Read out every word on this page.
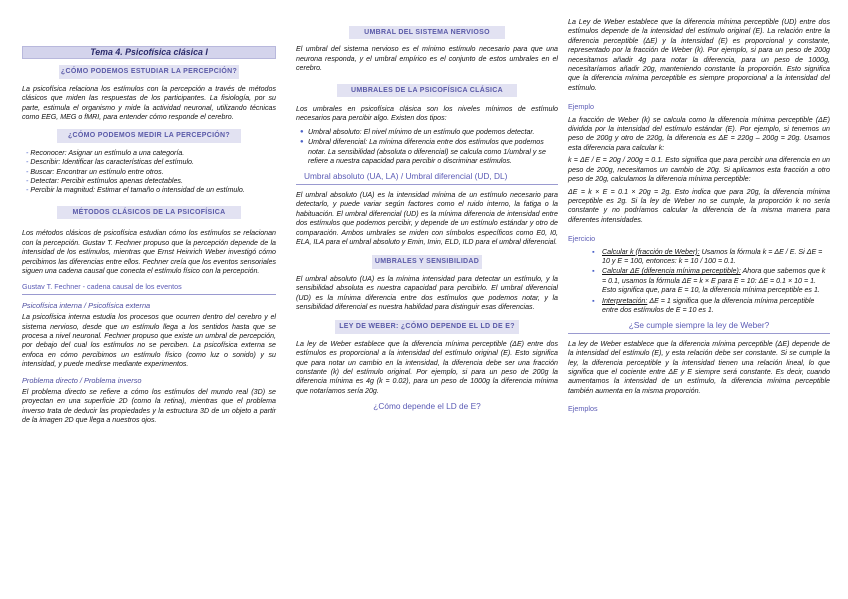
Tema 4. Psicofísica clásica I
¿CÓMO PODEMOS ESTUDIAR LA PERCEPCIÓN?

La psicofísica relaciona los estímulos con la percepción a través de métodos clásicos que miden las respuestas de los participantes. La fisiología, por su parte, estimula el organismo y mide la actividad neuronal, utilizando técnicas como EEG, MEG o fMRI, para entender cómo responde el cerebro.

¿CÓMO PODEMOS MEDIR LA PERCEPCIÓN?
- Reconocer: Asignar un estímulo a una categoría.
- Describir: Identificar las características del estímulo.
- Buscar: Encontrar un estímulo entre otros.
- Detectar: Percibir estímulos apenas detectables.
- Percibir la magnitud: Estimar el tamaño o intensidad de un estímulo.
MÉTODOS CLÁSICOS DE LA PSICOFÍSICA

Los métodos clásicos de psicofísica estudian cómo los estímulos se relacionan con la percepción. Gustav T. Fechner propuso que la percepción depende de la intensidad de los estímulos, mientras que Ernst Heinrich Weber investigó cómo percibimos las diferencias entre ellos. Fechner creía que los eventos sensoriales siguen una cadena causal que conecta el estímulo físico con la percepción.

Gustav T. Fechner - cadena causal de los eventos
Psicofísica interna / Psicofísica externa

La psicofísica interna estudia los procesos que ocurren dentro del cerebro y el sistema nervioso, desde que un estímulo llega a los sentidos hasta que se procesa a nivel neuronal. Fechner propuso que existe un umbral de percepción, por debajo del cual los estímulos no se perciben. La psicofísica externa se enfoca en cómo percibimos un estímulo físico (como luz o sonido) y su intensidad, y puede medirse mediante experimentos.

Problema directo / Problema inverso

El problema directo se refiere a cómo los estímulos del mundo real (3D) se proyectan en una superficie 2D (como la retina), mientras que el problema inverso trata de deducir las propiedades y la estructura 3D de un objeto a partir de la imagen 2D que llega a nuestros ojos.

UMBRAL DEL SISTEMA NERVIOSO

El umbral del sistema nervioso es el mínimo estímulo necesario para que una neurona responda, y el umbral empírico es el conjunto de estos umbrales en el cerebro.

UMBRALES DE LA PSICOFÍSICA CLÁSICA

Los umbrales en psicofísica clásica son los niveles mínimos de estímulo necesarios para percibir algo. Existen dos tipos:

● Umbral absoluto: El nivel mínimo de un estímulo que podemos detectar.
● Umbral diferencial: La mínima diferencia entre dos estímulos que podemos notar. La sensibilidad (absoluta o diferencial) se calcula como 1/umbral y se refiere a nuestra capacidad para percibir o discriminar estímulos.
Umbral absoluto (UA, LA) / Umbral diferencial (UD, DL)

El umbral absoluto (UA) es la intensidad mínima de un estímulo necesario para detectarlo, y puede variar según factores como el ruido interno, la fatiga o la habituación. El umbral diferencial (UD) es la mínima diferencia de intensidad entre dos estímulos que podemos percibir, y depende de un estímulo estándar y otro de comparación. Ambos umbrales se miden con símbolos específicos como E0, I0, ELA, ILA para el umbral absoluto y Emin, Imin, ELD, ILD para el umbral diferencial.

UMBRALES Y SENSIBILIDAD

El umbral absoluto (UA) es la mínima intensidad para detectar un estímulo, y la sensibilidad absoluta es nuestra capacidad para percibirlo. El umbral diferencial (UD) es la mínima diferencia entre dos estímulos que podemos notar, y la sensibilidad diferencial es nuestra habilidad para distinguir esas diferencias.

LEY DE WEBER: ¿CÓMO DEPENDE EL LD DE E?

La ley de Weber establece que la diferencia mínima perceptible (ΔE) entre dos estímulos es proporcional a la intensidad del estímulo original (E). Esto significa que para notar un cambio en la intensidad, la diferencia debe ser una fracción constante (k) del estímulo original. Por ejemplo, si para un peso de 200g la diferencia mínima es 4g (k = 0.02), para un peso de 1000g la diferencia mínima que notaríamos sería 20g.

¿Cómo depende el LD de E?

La Ley de Weber establece que la diferencia mínima perceptible (UD) entre dos estímulos depende de la intensidad del estímulo original (E). La relación entre la diferencia perceptible (ΔE) y la intensidad (E) es proporcional y constante, representado por la fracción de Weber (k). Por ejemplo, si para un peso de 200g necesitamos añadir 4g para notar la diferencia, para un peso de 1000g, necesitaríamos añadir 20g, manteniendo constante la proporción. Esto significa que la diferencia mínima perceptible es siempre proporcional a la intensidad del estímulo.

Ejemplo

La fracción de Weber (k) se calcula como la diferencia mínima perceptible (ΔE) dividida por la intensidad del estímulo estándar (E). Por ejemplo, si tenemos un peso de 200g y otro de 220g, la diferencia es ΔE = 220g – 200g = 20g. Usamos esta diferencia para calcular k:

k = ΔE / E = 20g / 200g = 0.1. Esto significa que para percibir una diferencia en un peso de 200g, necesitamos un cambio de 20g. Si aplicamos esta fracción a otro peso de 20g, calculamos la diferencia mínima perceptible:

ΔE = k × E = 0.1 × 20g = 2g. Esto indica que para 20g, la diferencia mínima perceptible es 2g. Si la ley de Weber no se cumple, la proporción k no sería constante y no podríamos calcular la diferencia de la misma manera para diferentes intensidades.

Ejercicio
▪ Calcular k (fracción de Weber): Usamos la fórmula k = ΔE / E. Si ΔE = 10 y E = 100, entonces: k = 10 / 100 = 0.1.
▪ Calcular ΔE (diferencia mínima perceptible): Ahora que sabemos que k = 0.1, usamos la fórmula ΔE = k × E para E = 10: ΔE = 0.1 × 10 = 1. Esto significa que, para E = 10, la diferencia mínima perceptible es 1.
▪ Interpretación: ΔE = 1 significa que la diferencia mínima perceptible entre dos estímulos de E = 10 es 1.
¿Se cumple siempre la ley de Weber?

La ley de Weber establece que la diferencia mínima perceptible (ΔE) depende de la intensidad del estímulo (E), y esta relación debe ser constante. Si se cumple la ley, la diferencia perceptible y la intensidad tienen una relación lineal, lo que significa que el cociente entre ΔE y E siempre será constante. Es decir, cuando aumentamos la intensidad de un estímulo, la diferencia mínima perceptible también aumenta en la misma proporción.

Ejemplos
